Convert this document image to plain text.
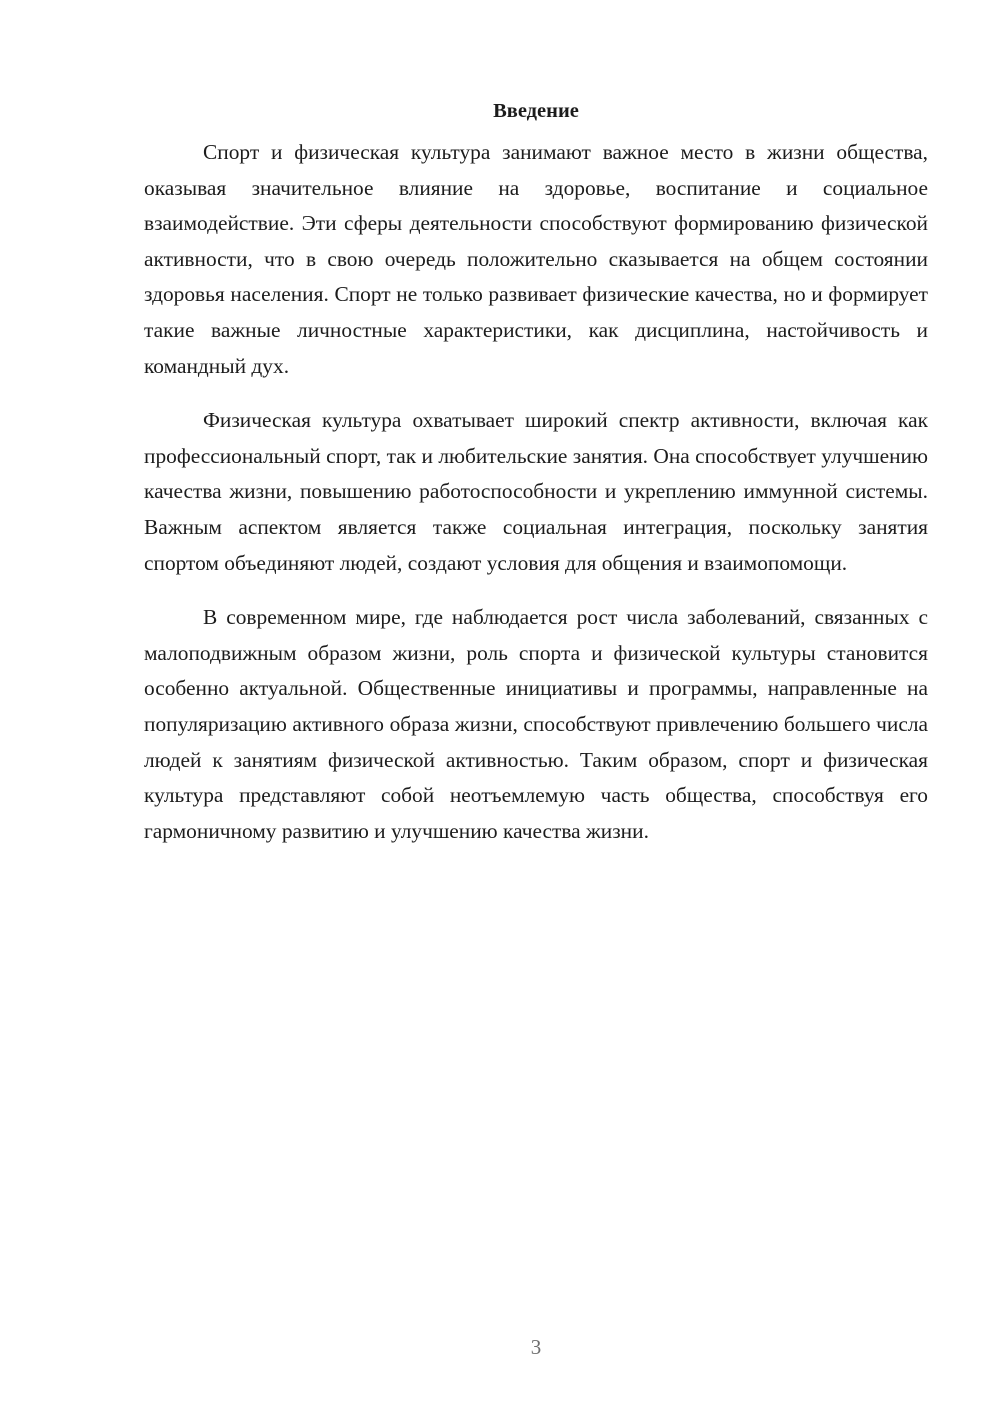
Введение

Спорт и физическая культура занимают важное место в жизни общества, оказывая значительное влияние на здоровье, воспитание и социальное взаимодействие. Эти сферы деятельности способствуют формированию физической активности, что в свою очередь положительно сказывается на общем состоянии здоровья населения. Спорт не только развивает физические качества, но и формирует такие важные личностные характеристики, как дисциплина, настойчивость и командный дух.

Физическая культура охватывает широкий спектр активности, включая как профессиональный спорт, так и любительские занятия. Она способствует улучшению качества жизни, повышению работоспособности и укреплению иммунной системы. Важным аспектом является также социальная интеграция, поскольку занятия спортом объединяют людей, создают условия для общения и взаимопомощи.

В современном мире, где наблюдается рост числа заболеваний, связанных с малоподвижным образом жизни, роль спорта и физической культуры становится особенно актуальной. Общественные инициативы и программы, направленные на популяризацию активного образа жизни, способствуют привлечению большего числа людей к занятиям физической активностью. Таким образом, спорт и физическая культура представляют собой неотъемлемую часть общества, способствуя его гармоничному развитию и улучшению качества жизни.

3
